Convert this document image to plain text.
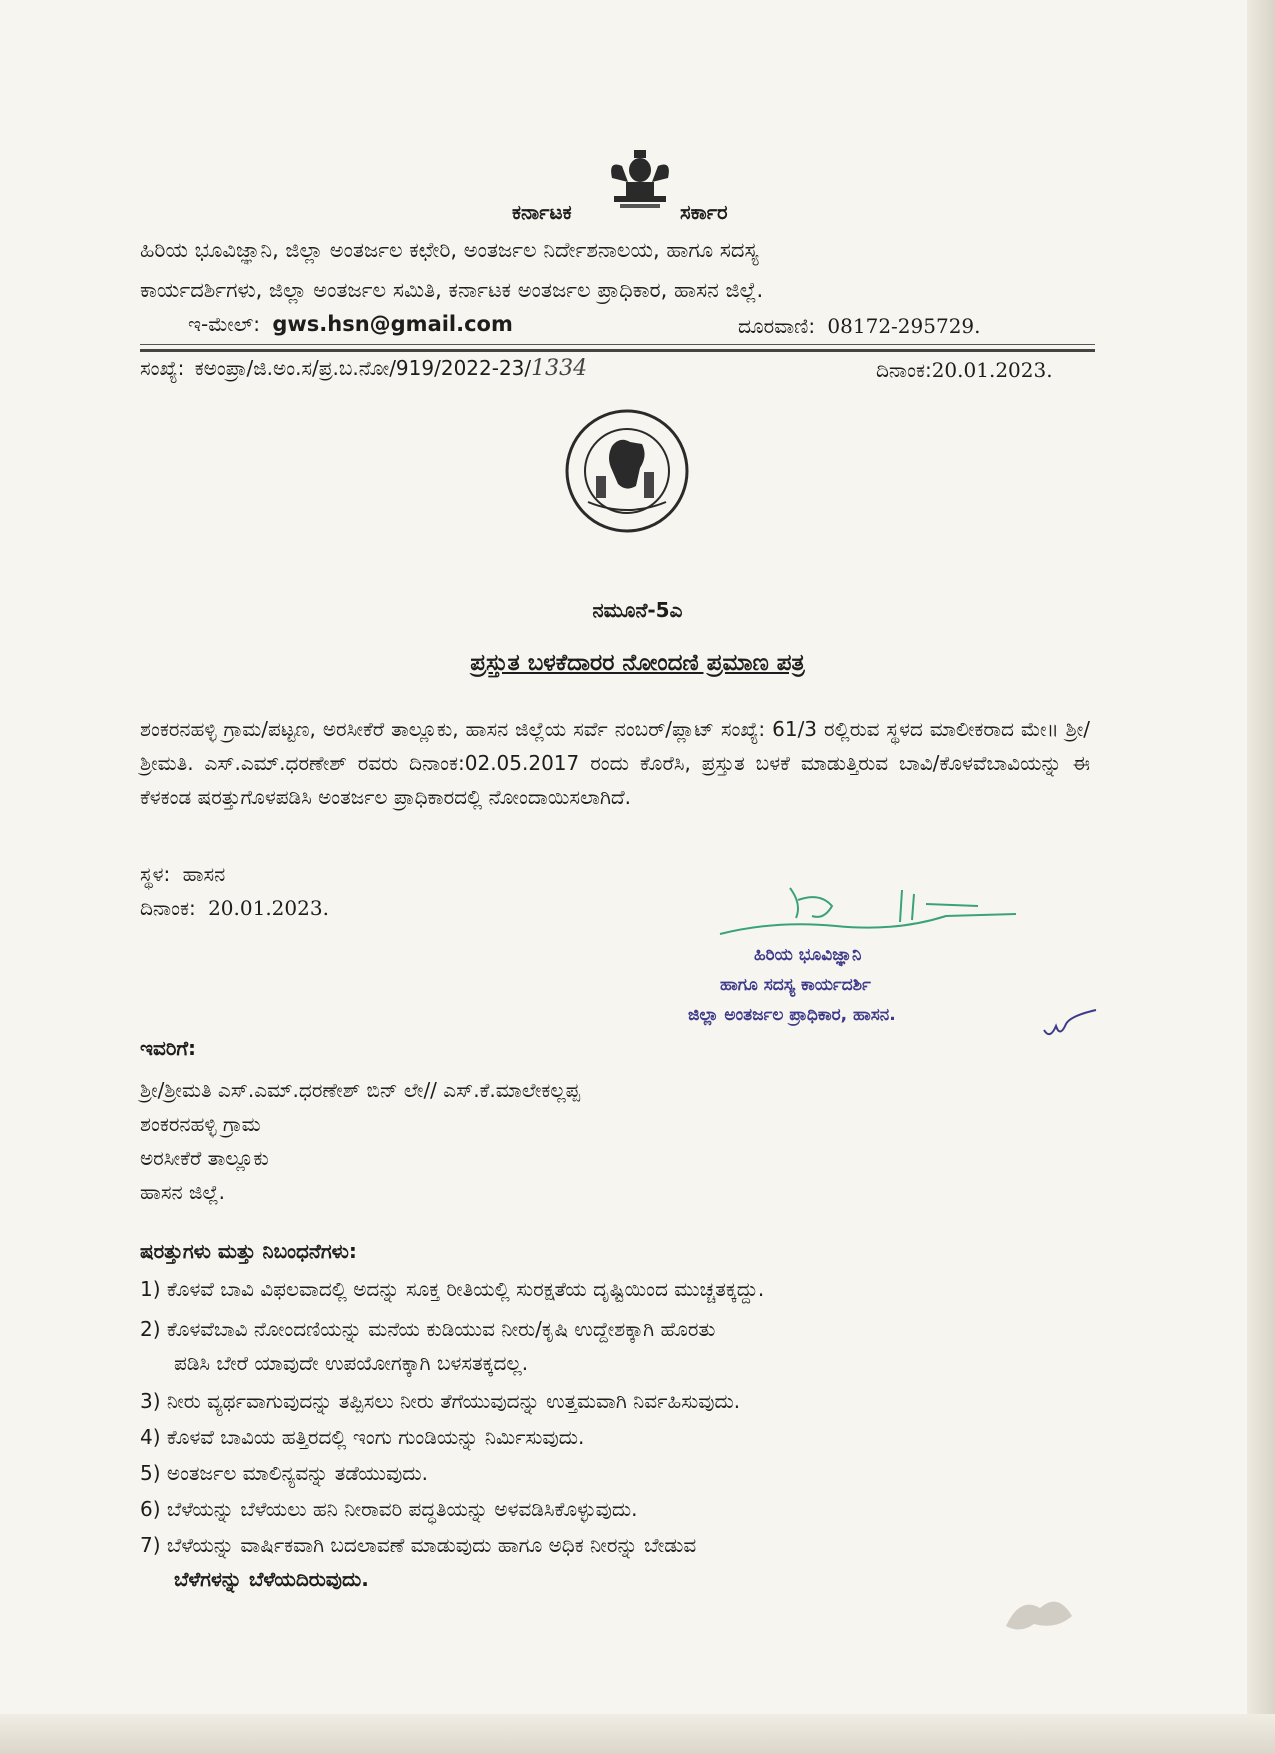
ಕರ್ನಾಟಕ	ಸರ್ಕಾರ
ಹಿರಿಯ ಭೂವಿಜ್ಞಾನಿ, ಜಿಲ್ಲಾ ಅಂತರ್ಜಲ ಕಛೇರಿ, ಅಂತರ್ಜಲ ನಿರ್ದೇಶನಾಲಯ, ಹಾಗೂ ಸದಸ್ಯ
ಕಾರ್ಯದರ್ಶಿಗಳು, ಜಿಲ್ಲಾ ಅಂತರ್ಜಲ ಸಮಿತಿ, ಕರ್ನಾಟಕ ಅಂತರ್ಜಲ ಪ್ರಾಧಿಕಾರ, ಹಾಸನ ಜಿಲ್ಲೆ.
ಇ-ಮೇಲ್: gws.hsn@gmail.com	ದೂರವಾಣಿ: 08172-295729.
ಸಂಖ್ಯೆ: ಕಅಂಪ್ರಾ/ಜಿ.ಅಂ.ಸ/ಪ್ರ.ಬ.ನೋ/919/2022-23/1334	ದಿನಾಂಕ:20.01.2023.
ನಮೂನೆ-5ಎ
ಪ್ರಸ್ತುತ ಬಳಕೆದಾರರ ನೋಂದಣಿ ಪ್ರಮಾಣ ಪತ್ರ
ಶಂಕರನಹಳ್ಳಿ ಗ್ರಾಮ/ಪಟ್ಟಣ, ಅರಸೀಕೆರೆ ತಾಲ್ಲೂಕು, ಹಾಸನ ಜಿಲ್ಲೆಯ ಸರ್ವೆ ನಂಬರ್/ಪ್ಲಾಟ್ ಸಂಖ್ಯೆ: 61/3 ರಲ್ಲಿರುವ ಸ್ಥಳದ ಮಾಲೀಕರಾದ ಮೇ॥ ಶ್ರೀ/ಶ್ರೀಮತಿ. ಎಸ್.ಎಮ್.ಧರಣೇಶ್ ರವರು ದಿನಾಂಕ:02.05.2017 ರಂದು ಕೊರೆಸಿ, ಪ್ರಸ್ತುತ ಬಳಕೆ ಮಾಡುತ್ತಿರುವ ಬಾವಿ/ಕೊಳವೆಬಾವಿಯನ್ನು ಈ ಕೆಳಕಂಡ ಷರತ್ತುಗೊಳಪಡಿಸಿ ಅಂತರ್ಜಲ ಪ್ರಾಧಿಕಾರದಲ್ಲಿ ನೋಂದಾಯಿಸಲಾಗಿದೆ.
ಸ್ಥಳ: ಹಾಸನ
ದಿನಾಂಕ: 20.01.2023.
ಹಿರಿಯ ಭೂವಿಜ್ಞಾನಿ
ಹಾಗೂ ಸದಸ್ಯ ಕಾರ್ಯದರ್ಶಿ
ಜಿಲ್ಲಾ ಅಂತರ್ಜಲ ಪ್ರಾಧಿಕಾರ, ಹಾಸನ.
ಇವರಿಗೆ:
ಶ್ರೀ/ಶ್ರೀಮತಿ ಎಸ್.ಎಮ್.ಧರಣೇಶ್ ಬಿನ್ ಲೇ// ಎಸ್.ಕೆ.ಮಾಲೇಕಲ್ಲಪ್ಪ
ಶಂಕರನಹಳ್ಳಿ ಗ್ರಾಮ
ಅರಸೀಕೆರೆ ತಾಲ್ಲೂಕು
ಹಾಸನ ಜಿಲ್ಲೆ.
ಷರತ್ತುಗಳು ಮತ್ತು ನಿಬಂಧನೆಗಳು:
1) ಕೊಳವೆ ಬಾವಿ ವಿಫಲವಾದಲ್ಲಿ ಅದನ್ನು ಸೂಕ್ತ ರೀತಿಯಲ್ಲಿ ಸುರಕ್ಷತೆಯ ದೃಷ್ಟಿಯಿಂದ ಮುಚ್ಚತಕ್ಕದ್ದು.
2) ಕೊಳವೆಬಾವಿ ನೋಂದಣಿಯನ್ನು ಮನೆಯ ಕುಡಿಯುವ ನೀರು/ಕೃಷಿ ಉದ್ದೇಶಕ್ಕಾಗಿ ಹೊರತು
ಪಡಿಸಿ ಬೇರೆ ಯಾವುದೇ ಉಪಯೋಗಕ್ಕಾಗಿ ಬಳಸತಕ್ಕದಲ್ಲ.
3) ನೀರು ವ್ಯರ್ಥವಾಗುವುದನ್ನು ತಪ್ಪಿಸಲು ನೀರು ತೆಗೆಯುವುದನ್ನು ಉತ್ತಮವಾಗಿ ನಿರ್ವಹಿಸುವುದು.
4) ಕೊಳವೆ ಬಾವಿಯ ಹತ್ತಿರದಲ್ಲಿ ಇಂಗು ಗುಂಡಿಯನ್ನು ನಿರ್ಮಿಸುವುದು.
5) ಅಂತರ್ಜಲ ಮಾಲಿನ್ಯವನ್ನು ತಡೆಯುವುದು.
6) ಬೆಳೆಯನ್ನು ಬೆಳೆಯಲು ಹನಿ ನೀರಾವರಿ ಪದ್ಧತಿಯನ್ನು ಅಳವಡಿಸಿಕೊಳ್ಳುವುದು.
7) ಬೆಳೆಯನ್ನು ವಾರ್ಷಿಕವಾಗಿ ಬದಲಾವಣೆ ಮಾಡುವುದು ಹಾಗೂ ಅಧಿಕ ನೀರನ್ನು ಬೇಡುವ
ಬೆಳೆಗಳನ್ನು ಬೆಳೆಯದಿರುವುದು.
